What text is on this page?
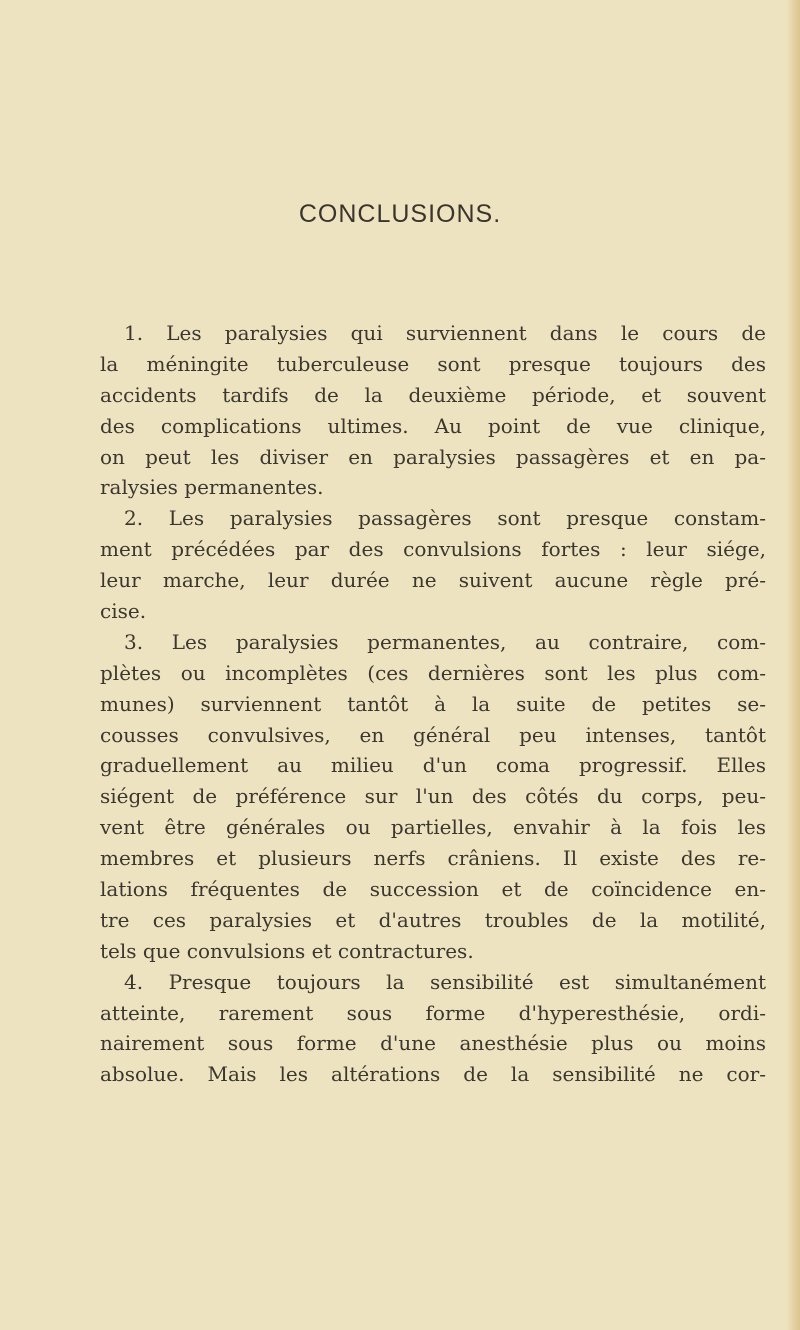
CONCLUSIONS.
1. Les paralysies qui surviennent dans le cours de
la méningite tuberculeuse sont presque toujours des
accidents tardifs de la deuxième période, et souvent
des complications ultimes. Au point de vue clinique,
on peut les diviser en paralysies passagères et en pa-
ralysies permanentes.
2. Les paralysies passagères sont presque constam-
ment précédées par des convulsions fortes : leur siége,
leur marche, leur durée ne suivent aucune règle pré-
cise.
3. Les paralysies permanentes, au contraire, com-
plètes ou incomplètes (ces dernières sont les plus com-
munes) surviennent tantôt à la suite de petites se-
cousses convulsives, en général peu intenses, tantôt
graduellement au milieu d'un coma progressif. Elles
siégent de préférence sur l'un des côtés du corps, peu-
vent être générales ou partielles, envahir à la fois les
membres et plusieurs nerfs crâniens. Il existe des re-
lations fréquentes de succession et de coïncidence en-
tre ces paralysies et d'autres troubles de la motilité,
tels que convulsions et contractures.
4. Presque toujours la sensibilité est simultanément
atteinte, rarement sous forme d'hyperesthésie, ordi-
nairement sous forme d'une anesthésie plus ou moins
absolue. Mais les altérations de la sensibilité ne cor-
